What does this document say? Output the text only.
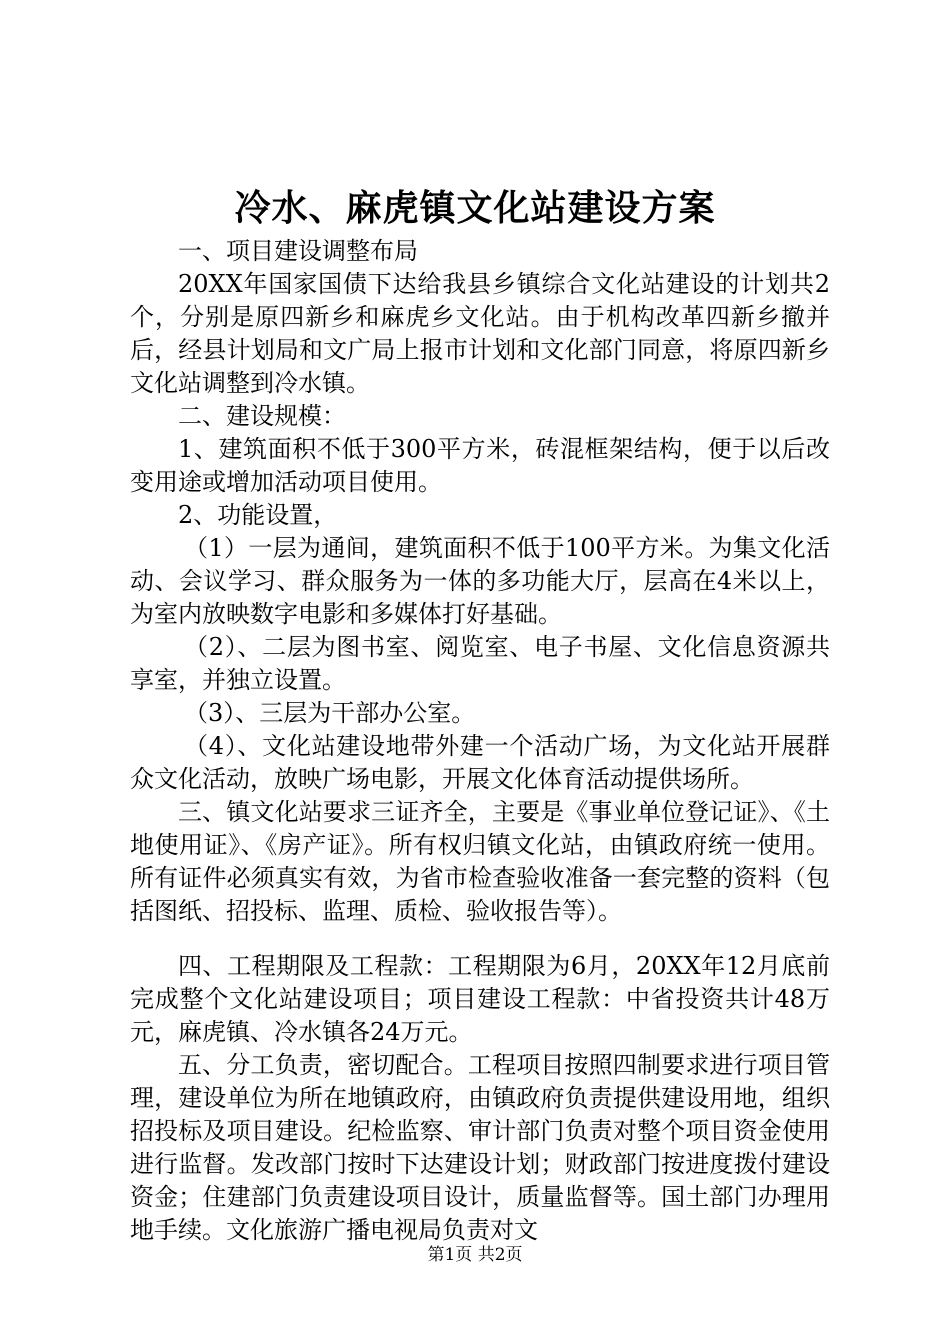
冷水、麻虎镇文化站建设方案

一、项目建设调整布局

20XX年国家国债下达给我县乡镇综合文化站建设的计划共2个，分别是原四新乡和麻虎乡文化站。由于机构改革四新乡撤并后，经县计划局和文广局上报市计划和文化部门同意，将原四新乡文化站调整到冷水镇。

二、建设规模：

1、建筑面积不低于300平方米，砖混框架结构，便于以后改变用途或增加活动项目使用。

2、功能设置，

（1）一层为通间，建筑面积不低于100平方米。为集文化活动、会议学习、群众服务为一体的多功能大厅，层高在4米以上，为室内放映数字电影和多媒体打好基础。

（2）、二层为图书室、阅览室、电子书屋、文化信息资源共享室，并独立设置。

（3）、三层为干部办公室。

（4）、文化站建设地带外建一个活动广场，为文化站开展群众文化活动，放映广场电影，开展文化体育活动提供场所。

三、镇文化站要求三证齐全，主要是《事业单位登记证》、《土地使用证》、《房产证》。所有权归镇文化站，由镇政府统一使用。所有证件必须真实有效，为省市检查验收准备一套完整的资料（包括图纸、招投标、监理、质检、验收报告等）。

四、工程期限及工程款：工程期限为6月，20XX年12月底前完成整个文化站建设项目；项目建设工程款：中省投资共计48万元，麻虎镇、冷水镇各24万元。

五、分工负责，密切配合。工程项目按照四制要求进行项目管理，建设单位为所在地镇政府，由镇政府负责提供建设用地，组织招投标及项目建设。纪检监察、审计部门负责对整个项目资金使用进行监督。发改部门按时下达建设计划；财政部门按进度拨付建设资金；住建部门负责建设项目设计，质量监督等。国土部门办理用地手续。文化旅游广播电视局负责对文

第1页 共2页
